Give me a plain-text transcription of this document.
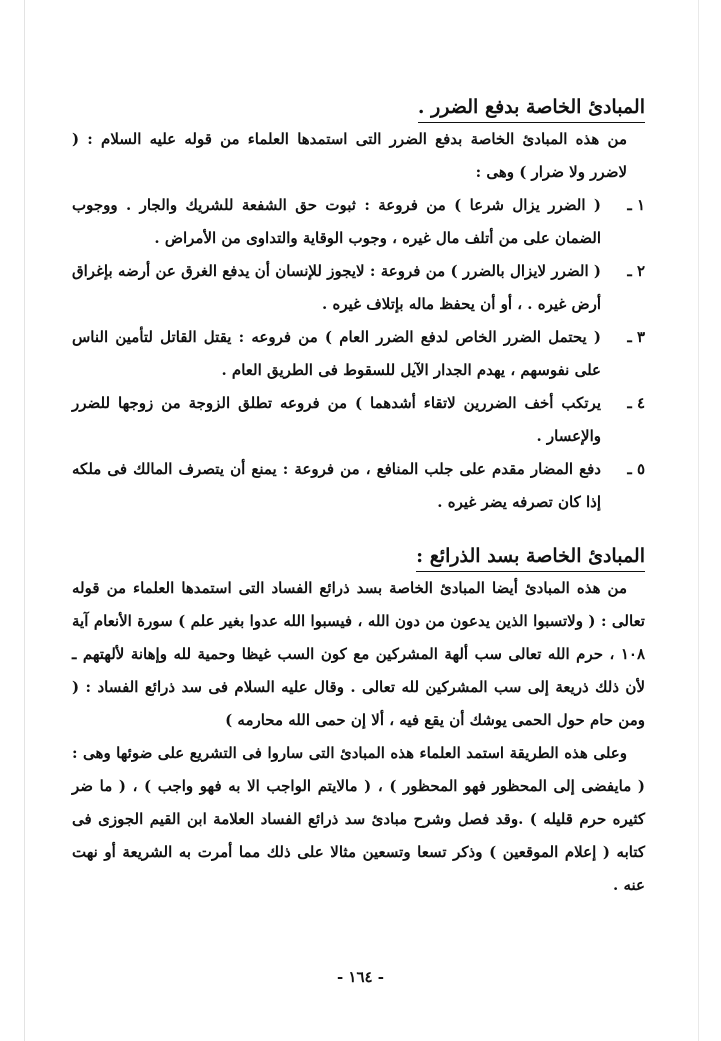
المبادئ الخاصة بدفع الضرر .

من هذه المبادئ الخاصة بدفع الضرر التى استمدها العلماء من قوله عليه السلام : ( لاضرر ولا ضرار ) وهى :

١ ـ
( الضرر يزال شرعا ) من فروعة : ثبوت حق الشفعة للشريك والجار . ووجوب الضمان على من أتلف مال غيره ، وجوب الوقاية والتداوى من الأمراض .
٢ ـ
( الضرر لايزال بالضرر ) من فروعة : لايجوز للإنسان أن يدفع الغرق عن أرضه بإغراق أرض غيره . ، أو أن يحفظ ماله بإتلاف غيره .
٣ ـ
( يحتمل الضرر الخاص لدفع الضرر العام ) من فروعه : يقتل القاتل لتأمين الناس على نفوسهم ، يهدم الجدار الآيل للسقوط فى الطريق العام .
٤ ـ
يرتكب أخف الضررين لاتقاء أشدهما ) من فروعه تطلق الزوجة من زوجها للضرر والإعسار .
٥ ـ
دفع المضار مقدم على جلب المنافع ، من فروعة : يمنع أن يتصرف المالك فى ملكه إذا كان تصرفه يضر غيره .
المبادئ الخاصة بسد الذرائع :

من هذه المبادئ أيضا المبادئ الخاصة بسد ذرائع الفساد التى استمدها العلماء من قوله تعالى : ( ولاتسبوا الذين يدعون من دون الله ، فيسبوا الله عدوا بغير علم ) سورة الأنعام آية ١٠٨ ، حرم الله تعالى سب ألهة المشركين مع كون السب غيظا وحمية لله وإهانة لألهتهم ـ لأن ذلك ذريعة إلى سب المشركين لله تعالى . وقال عليه السلام فى سد ذرائع الفساد : ( ومن حام حول الحمى يوشك أن يقع فيه ، ألا إن حمى الله محارمه )

وعلى هذه الطريقة استمد العلماء هذه المبادئ التى ساروا فى التشريع على ضوئها وهى : ( مايفضى إلى المحظور فهو المحظور ) ، ( مالايتم الواجب الا به فهو واجب ) ، ( ما ضر كثيره حرم قليله ) .وقد فصل وشرح مبادئ سد ذرائع الفساد العلامة ابن القيم الجوزى فى كتابه ( إعلام الموقعين ) وذكر تسعا وتسعين مثالا على ذلك مما أمرت به الشريعة أو نهت عنه .

- ١٦٤ -
